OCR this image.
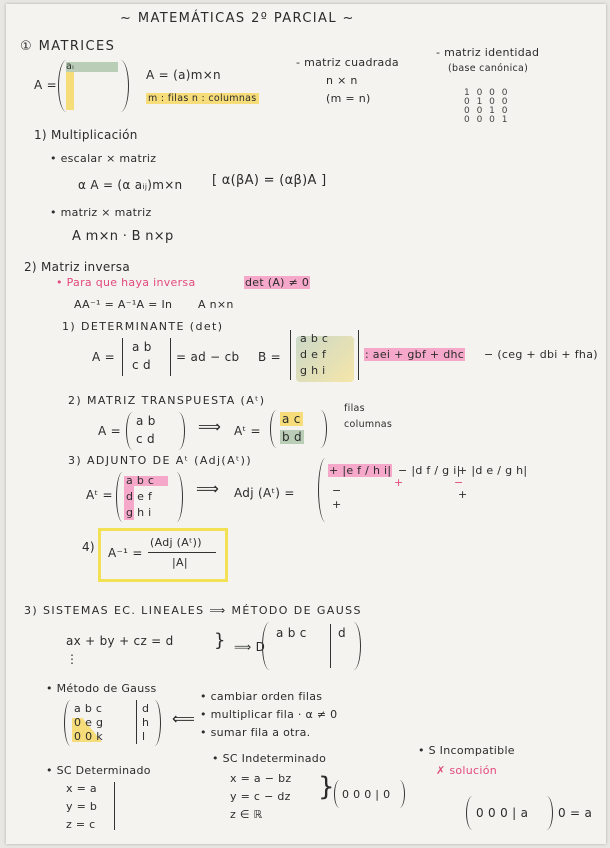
~ MATEMÁTICAS 2º PARCIAL ~
① MATRICES
A =
aᵢ
A = (a)m×n
m : filas n : columnas
- matriz cuadrada
n × n
(m = n)
- matriz identidad
(base canónica)

1 0 0 0
0 1 0 0
0 0 1 0
0 0 0 1

1) Multiplicación
• escalar × matriz
α A = (α aᵢⱼ)m×n [ α(βA) = (αβ)A ]
• matriz × matriz
A m×n · B n×p
2) Matriz inversa
• Para que haya inversa	det (A) ≠ 0
AA⁻¹ = A⁻¹A = In A n×n
1) DETERMINANTE (det)
A =
a b
c d
= ad − cb B =
a b c
d e f
g h i
: aei + gbf + dhc − (ceg + dbi + fha)
2) MATRIZ TRANSPUESTA (Aᵗ)
A =
a b
c d
⟹ Aᵗ =
a c
b d
filas
columnas
3) ADJUNTO DE Aᵗ (Adj(Aᵗ))
Aᵗ =
a b c
d e f
g h i
⟹ Adj (Aᵗ) =
+ |e f / h i| − |d f / g i|
+ |d e / g h|
−
+
+
−
+
4) A⁻¹ =
(Adj (Aᵗ))
|A|
3) SISTEMAS EC. LINEALES ⟹ MÉTODO DE GAUSS
ax + by + cz = d
⋮
} ⟹ D
a b c	d
• Método de Gauss
a b c
0 e g
0 0 k
d
h
l
⟸
• cambiar orden filas
• multiplicar fila · α ≠ 0
• sumar fila a otra.
• SC Determinado
x = a
y = b
z = c
• SC Indeterminado
x = a − bz
y = c − dz
z ∈ ℝ
} 0 0 0 | 0
• S Incompatible
✗ solución
0 0 0 | a 0 = a
